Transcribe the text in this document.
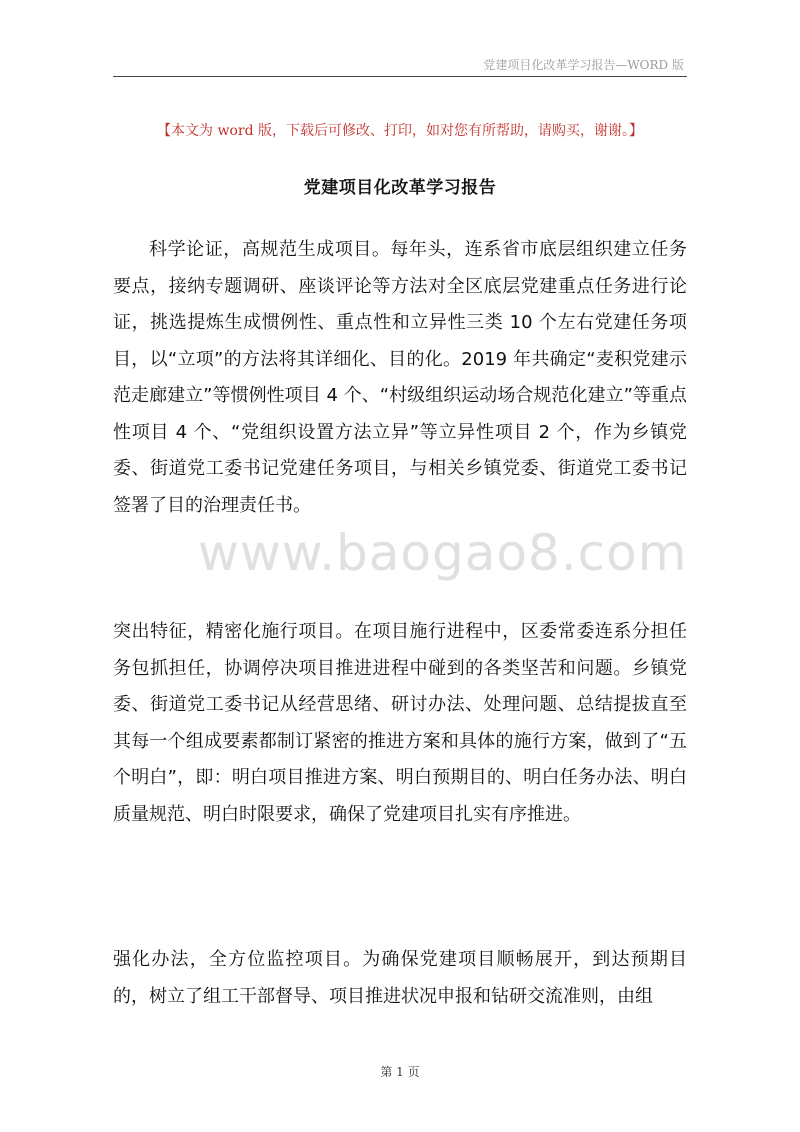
党建项目化改革学习报告—WORD 版
【本文为 word 版，下载后可修改、打印，如对您有所帮助，请购买，谢谢。】
党建项目化改革学习报告
科学论证，高规范生成项目。每年头，连系省市底层组织建立任务要点，接纳专题调研、座谈评论等方法对全区底层党建重点任务进行论证，挑选提炼生成惯例性、重点性和立异性三类 10 个左右党建任务项目，以“立项”的方法将其详细化、目的化。2019 年共确定“麦积党建示范走廊建立”等惯例性项目 4 个、“村级组织运动场合规范化建立”等重点性项目 4 个、“党组织设置方法立异”等立异性项目 2 个，作为乡镇党委、街道党工委书记党建任务项目，与相关乡镇党委、街道党工委书记签署了目的治理责任书。
突出特征，精密化施行项目。在项目施行进程中，区委常委连系分担任务包抓担任，协调停决项目推进进程中碰到的各类坚苦和问题。乡镇党委、街道党工委书记从经营思绪、研讨办法、处理问题、总结提拔直至其每一个组成要素都制订紧密的推进方案和具体的施行方案，做到了“五个明白”，即：明白项目推进方案、明白预期目的、明白任务办法、明白质量规范、明白时限要求，确保了党建项目扎实有序推进。
强化办法，全方位监控项目。为确保党建项目顺畅展开，到达预期目的，树立了组工干部督导、项目推进状况申报和钻研交流准则，由组
www.baogao8.com
第 1 页
